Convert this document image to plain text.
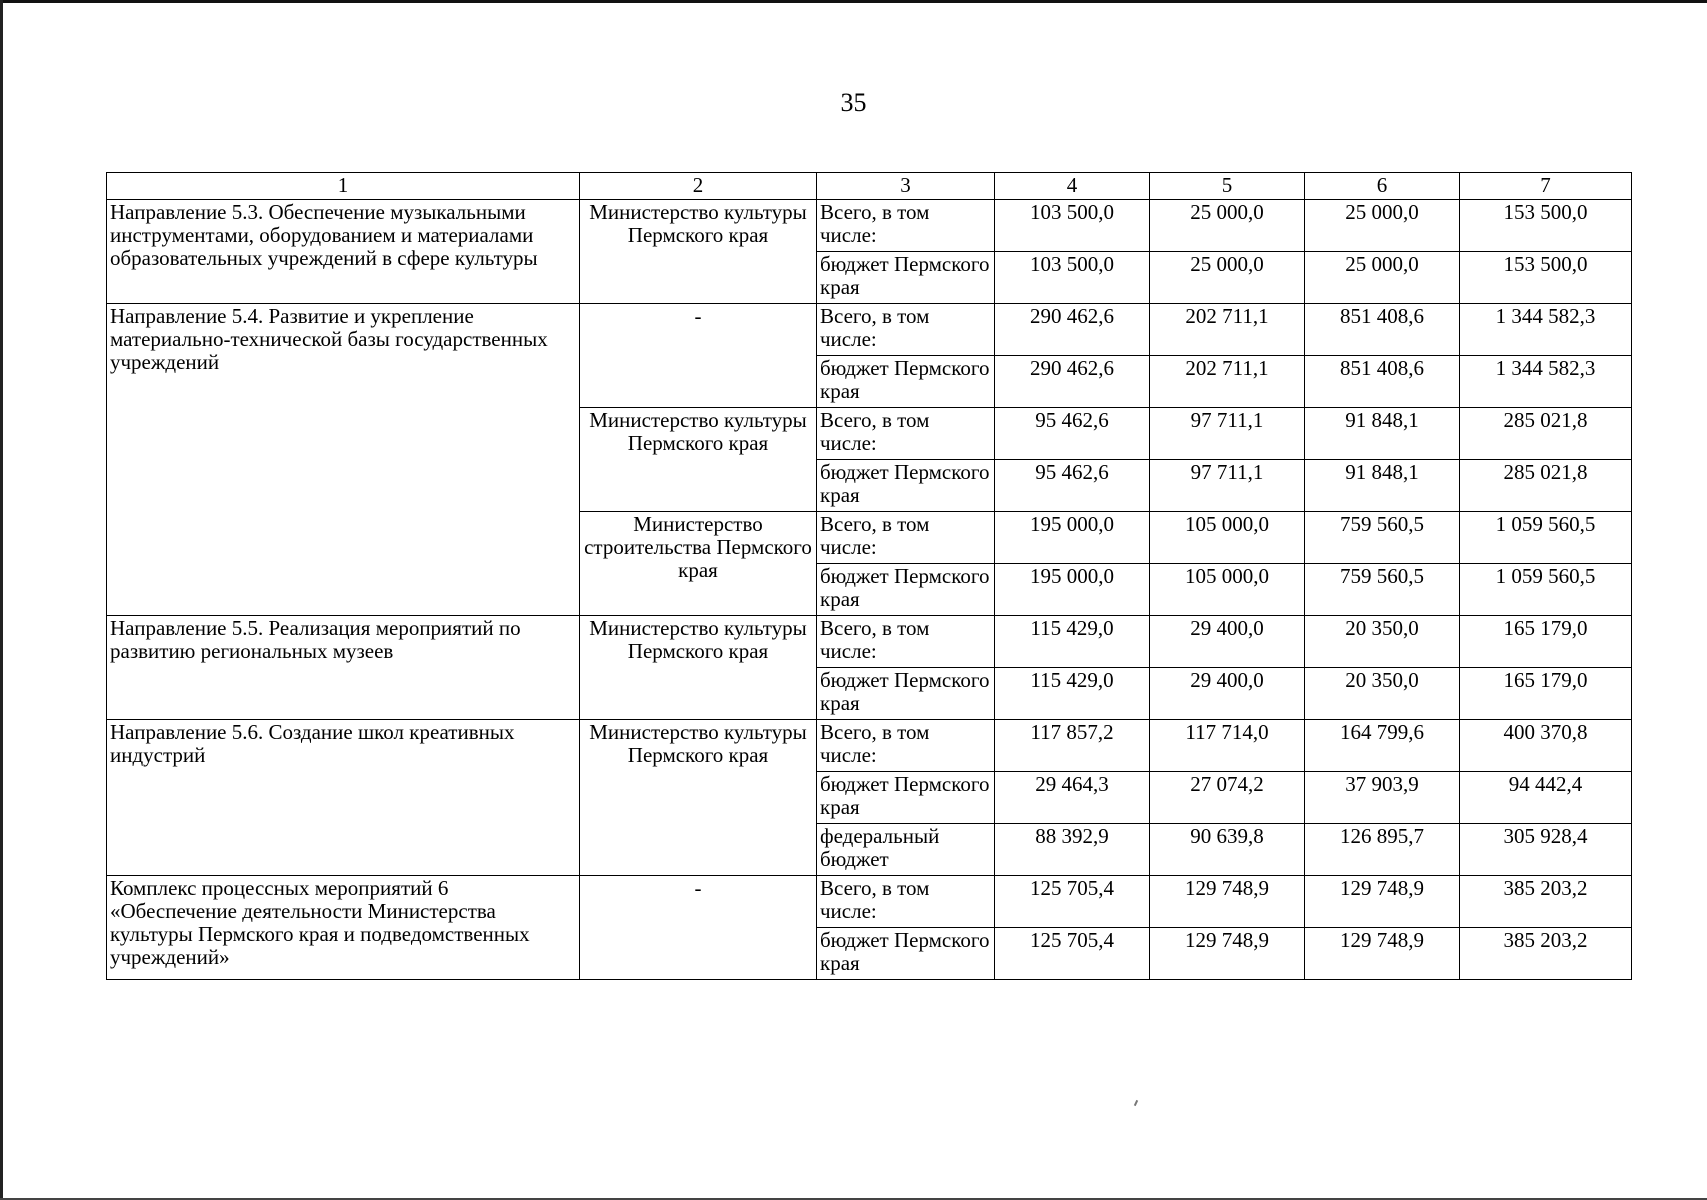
35
1	2	3	4	5	6	7
Направление 5.3. Обеспечение музыкальными инструментами, оборудованием и материалами образовательных учреждений в сфере культуры	Министерство культуры Пермского края	Всего, в том числе:	103 500,0	25 000,0	25 000,0	153 500,0
		бюджет Пермского края	103 500,0	25 000,0	25 000,0	153 500,0
Направление 5.4. Развитие и укрепление материально-технической базы государственных учреждений	-	Всего, в том числе:	290 462,6	202 711,1	851 408,6	1 344 582,3
		бюджет Пермского края	290 462,6	202 711,1	851 408,6	1 344 582,3
	Министерство культуры Пермского края	Всего, в том числе:	95 462,6	97 711,1	91 848,1	285 021,8
		бюджет Пермского края	95 462,6	97 711,1	91 848,1	285 021,8
	Министерство строительства Пермского края	Всего, в том числе:	195 000,0	105 000,0	759 560,5	1 059 560,5
		бюджет Пермского края	195 000,0	105 000,0	759 560,5	1 059 560,5
Направление 5.5. Реализация мероприятий по развитию региональных музеев	Министерство культуры Пермского края	Всего, в том числе:	115 429,0	29 400,0	20 350,0	165 179,0
		бюджет Пермского края	115 429,0	29 400,0	20 350,0	165 179,0
Направление 5.6. Создание школ креативных индустрий	Министерство культуры Пермского края	Всего, в том числе:	117 857,2	117 714,0	164 799,6	400 370,8
		бюджет Пермского края	29 464,3	27 074,2	37 903,9	94 442,4
		федеральный бюджет	88 392,9	90 639,8	126 895,7	305 928,4
Комплекс процессных мероприятий 6 «Обеспечение деятельности Министерства культуры Пермского края и подведомственных учреждений»	-	Всего, в том числе:	125 705,4	129 748,9	129 748,9	385 203,2
		бюджет Пермского края	125 705,4	129 748,9	129 748,9	385 203,2
